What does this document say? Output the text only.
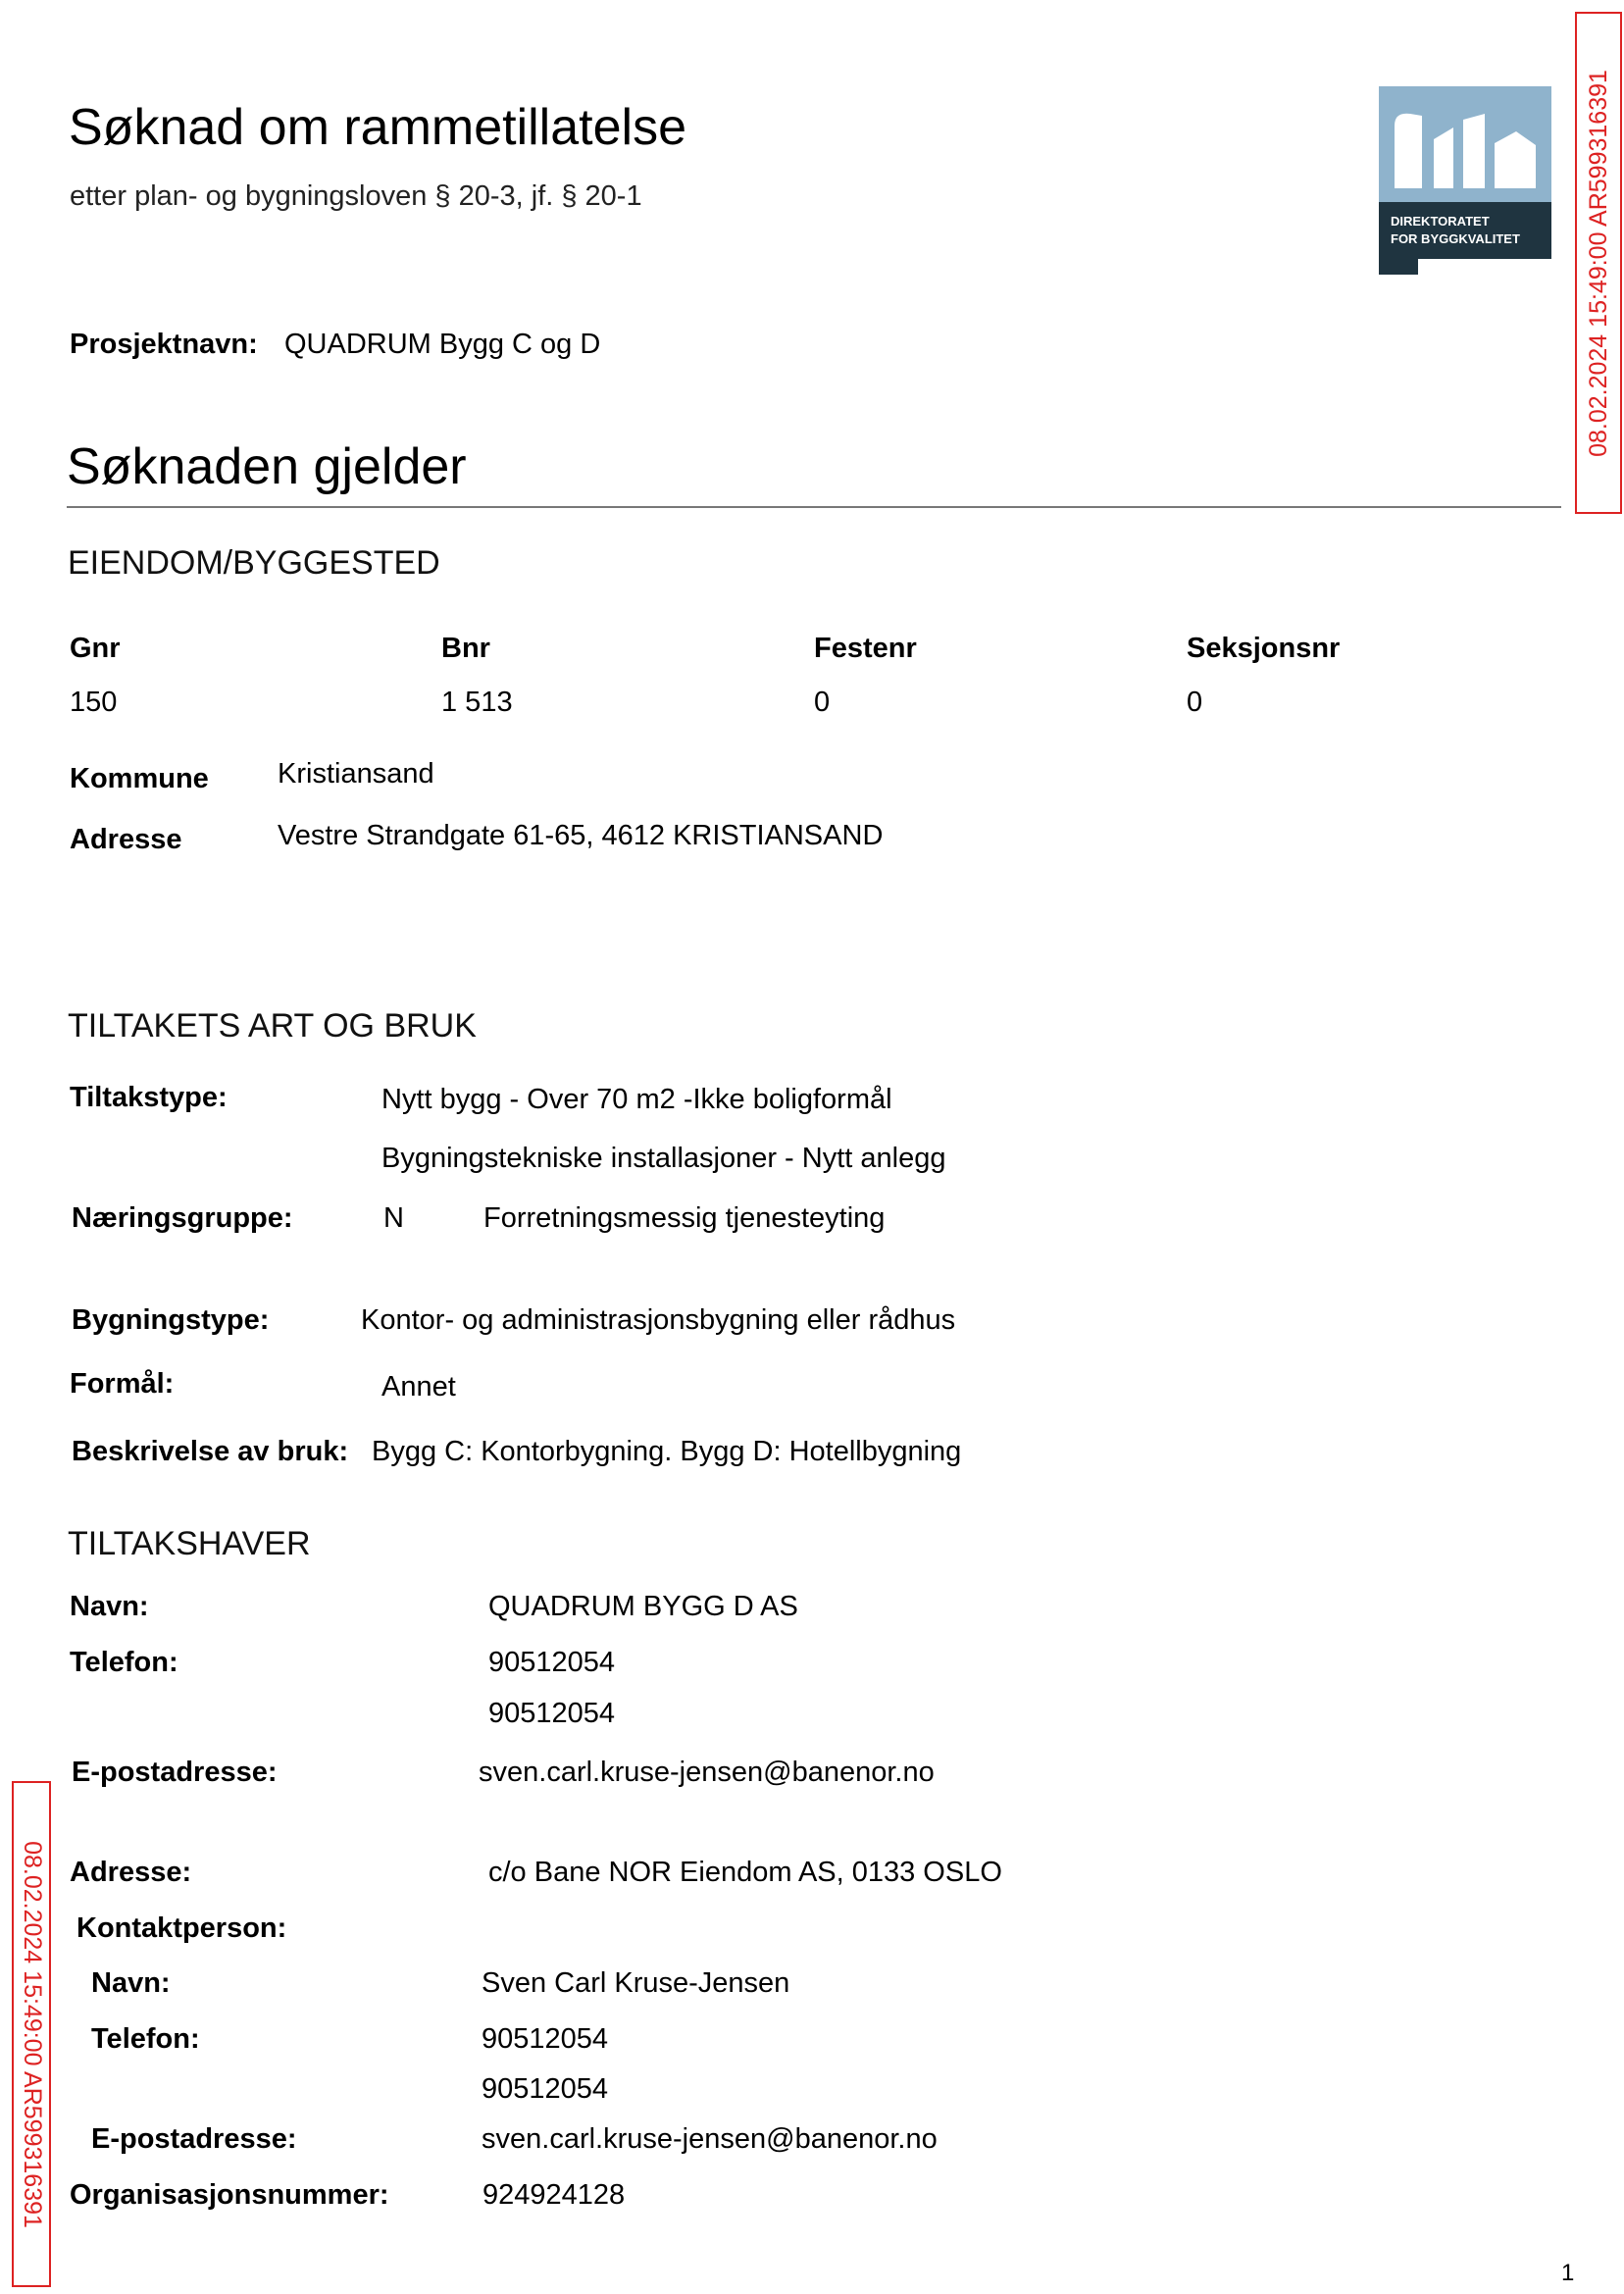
Søknad om rammetillatelse
etter plan- og bygningsloven § 20-3, jf. § 20-1
DIREKTORATET
FOR BYGGKVALITET
Prosjektnavn: QUADRUM Bygg C og D
Søknaden gjelder
EIENDOM/BYGGESTED
Gnr	Bnr	Festenr	Seksjonsnr
150	1 513	0	0
Kommune Kristiansand
Adresse	Vestre Strandgate 61-65, 4612 KRISTIANSAND
TILTAKETS ART OG BRUK
Tiltakstype:	Nytt bygg - Over 70 m2 -Ikke boligformål
Bygningstekniske installasjoner - Nytt anlegg
Næringsgruppe:	N	Forretningsmessig tjenesteyting
Bygningstype:	Kontor- og administrasjonsbygning eller rådhus
Formål:	Annet
Beskrivelse av bruk: Bygg C: Kontorbygning. Bygg D: Hotellbygning
TILTAKSHAVER
Navn:	QUADRUM BYGG D AS
Telefon:	90512054
90512054
E-postadresse:	sven.carl.kruse-jensen@banenor.no
Adresse:	c/o Bane NOR Eiendom AS, 0133 OSLO
Kontaktperson:
Navn:	Sven Carl Kruse-Jensen
Telefon:	90512054
90512054
E-postadresse:	sven.carl.kruse-jensen@banenor.no
Organisasjonsnummer:	924924128
08.02.2024 15:49:00 AR599316391
08.02.2024 15:49:00 AR599316391
1
